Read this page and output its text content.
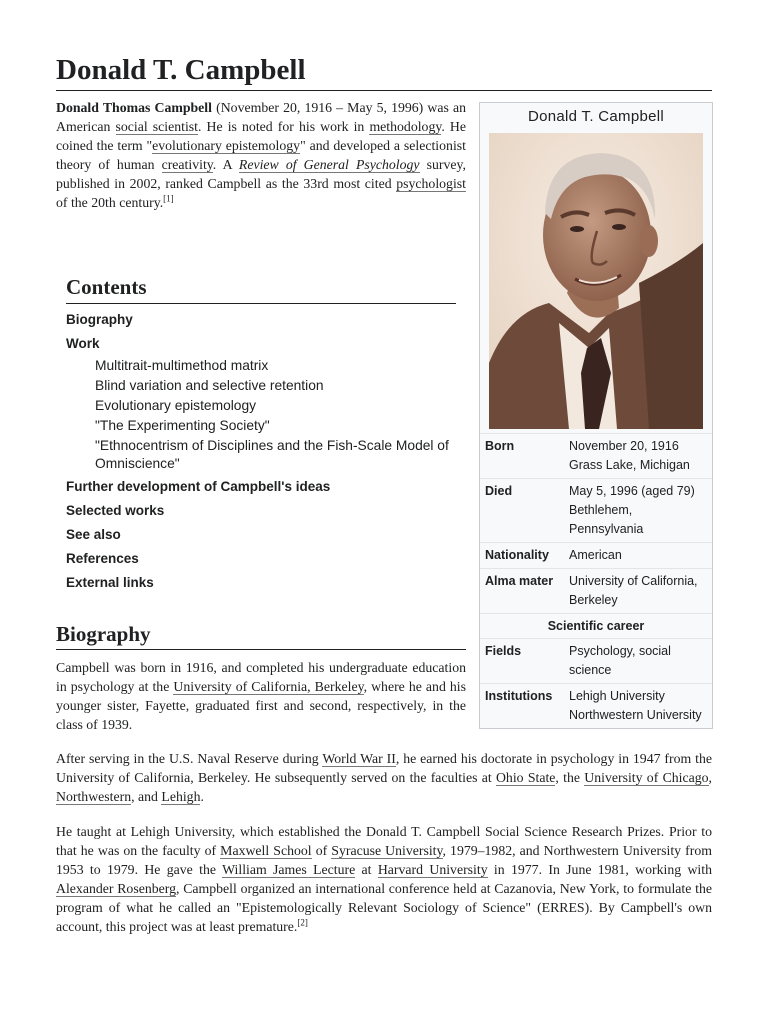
Donald T. Campbell

Donald Thomas Campbell (November 20, 1916 – May 5, 1996) was an American social scientist. He is noted for his work in methodology. He coined the term "evolutionary epistemology" and developed a selectionist theory of human creativity. A Review of General Psychology survey, published in 2002, ranked Campbell as the 33rd most cited psychologist of the 20th century.[1]

Contents
Biography
Work
Multitrait-multimethod matrix
Blind variation and selective retention
Evolutionary epistemology
"The Experimenting Society"
"Ethnocentrism of Disciplines and the Fish-Scale Model of Omniscience"
Further development of Campbell's ideas
Selected works
See also
References
External links
Biography

Campbell was born in 1916, and completed his undergraduate education in psychology at the University of California, Berkeley, where he and his younger sister, Fayette, graduated first and second, respectively, in the class of 1939.

After serving in the U.S. Naval Reserve during World War II, he earned his doctorate in psychology in 1947 from the University of California, Berkeley. He subsequently served on the faculties at Ohio State, the University of Chicago, Northwestern, and Lehigh.

He taught at Lehigh University, which established the Donald T. Campbell Social Science Research Prizes. Prior to that he was on the faculty of Maxwell School of Syracuse University, 1979–1982, and Northwestern University from 1953 to 1979. He gave the William James Lecture at Harvard University in 1977. In June 1981, working with Alexander Rosenberg, Campbell organized an international conference held at Cazanovia, New York, to formulate the program of what he called an "Epistemologically Relevant Sociology of Science" (ERRES). By Campbell's own account, this project was at least premature.[2]

Donald T. Campbell
Born	November 20, 1916
Grass Lake, Michigan
Died	May 5, 1996 (aged 79)
Bethlehem, Pennsylvania
Nationality	American
Alma mater	University of California, Berkeley
Scientific career
Fields	Psychology, social science
Institutions	Lehigh University
Northwestern University
